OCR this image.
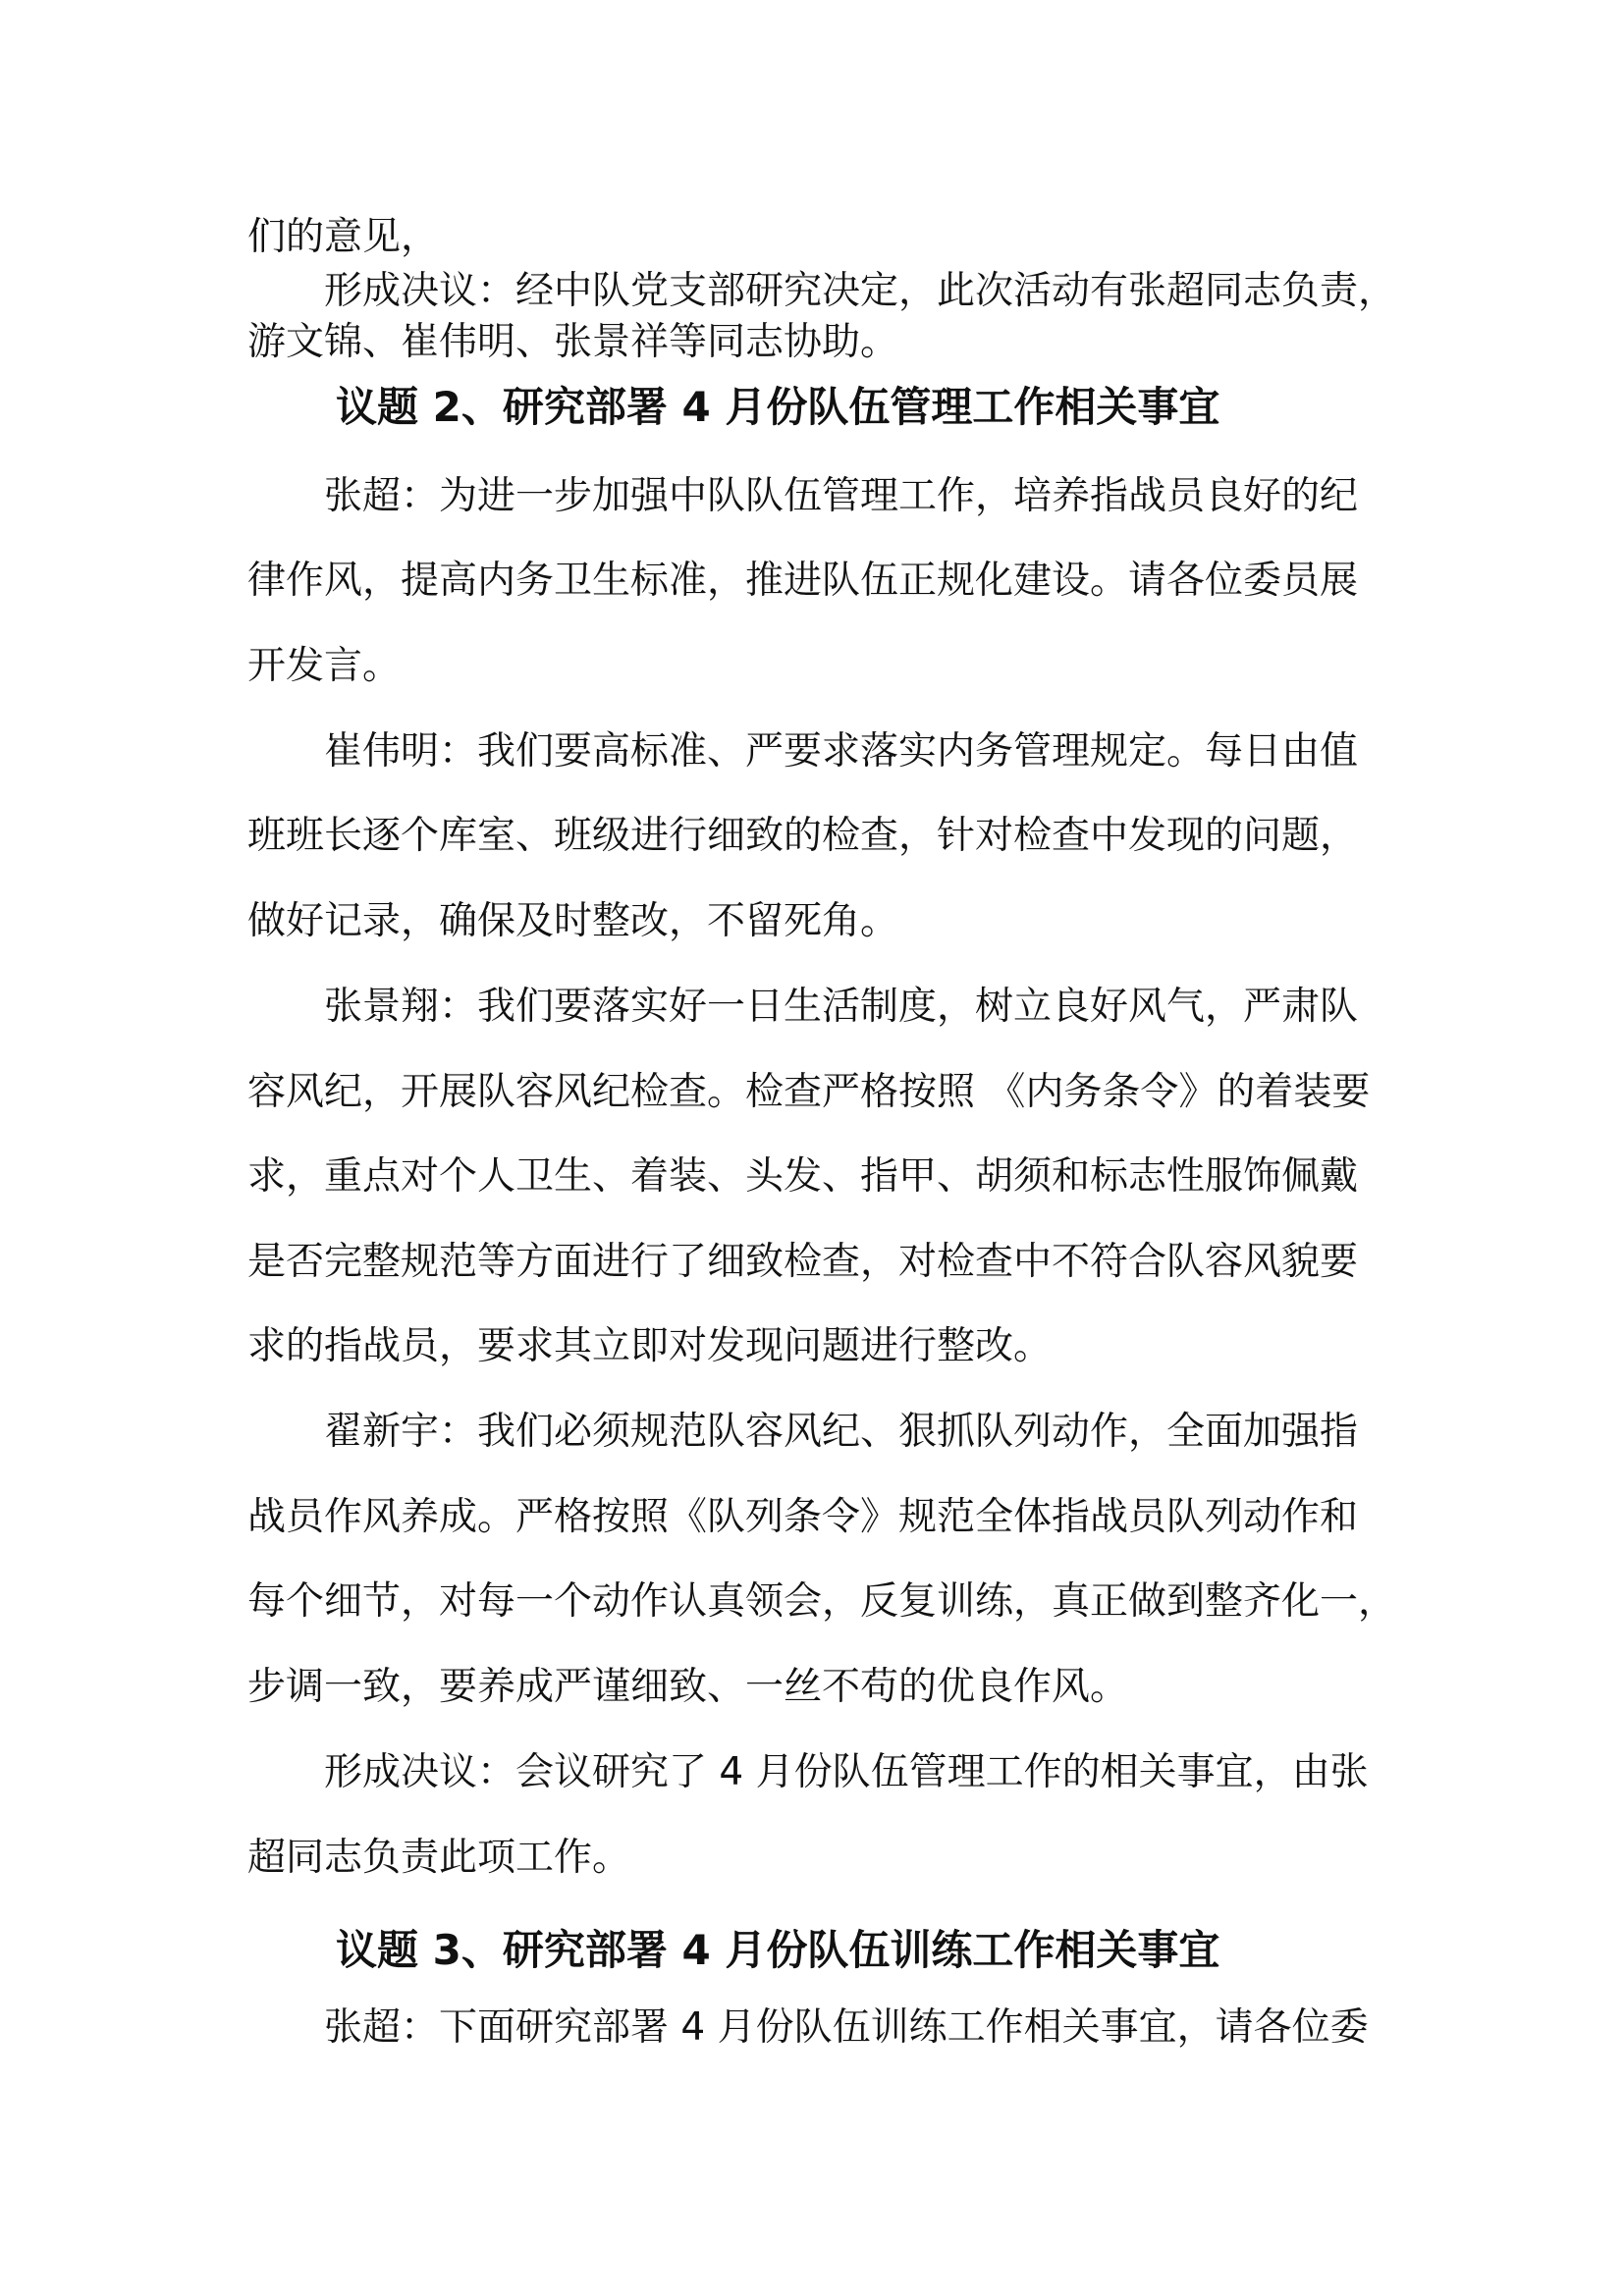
们的意见，

形成决议：经中队党支部研究决定，此次活动有张超同志负责，

游文锦、崔伟明、张景祥等同志协助。

议题 2、研究部署 4 月份队伍管理工作相关事宜

张超：为进一步加强中队队伍管理工作，培养指战员良好的纪

律作风，提高内务卫生标准，推进队伍正规化建设。请各位委员展

开发言。

崔伟明：我们要高标准、严要求落实内务管理规定。每日由值

班班长逐个库室、班级进行细致的检查，针对检查中发现的问题，

做好记录，确保及时整改，不留死角。

张景翔：我们要落实好一日生活制度，树立良好风气，严肃队

容风纪，开展队容风纪检查。检查严格按照 《内务条令》的着装要

求，重点对个人卫生、着装、头发、指甲、胡须和标志性服饰佩戴

是否完整规范等方面进行了细致检查，对检查中不符合队容风貌要

求的指战员，要求其立即对发现问题进行整改。

翟新宇：我们必须规范队容风纪、狠抓队列动作，全面加强指

战员作风养成。严格按照《队列条令》规范全体指战员队列动作和

每个细节，对每一个动作认真领会，反复训练，真正做到整齐化一，

步调一致，要养成严谨细致、一丝不苟的优良作风。

形成决议：会议研究了 4 月份队伍管理工作的相关事宜，由张

超同志负责此项工作。

议题 3、研究部署 4 月份队伍训练工作相关事宜

张超：下面研究部署 4 月份队伍训练工作相关事宜，请各位委
